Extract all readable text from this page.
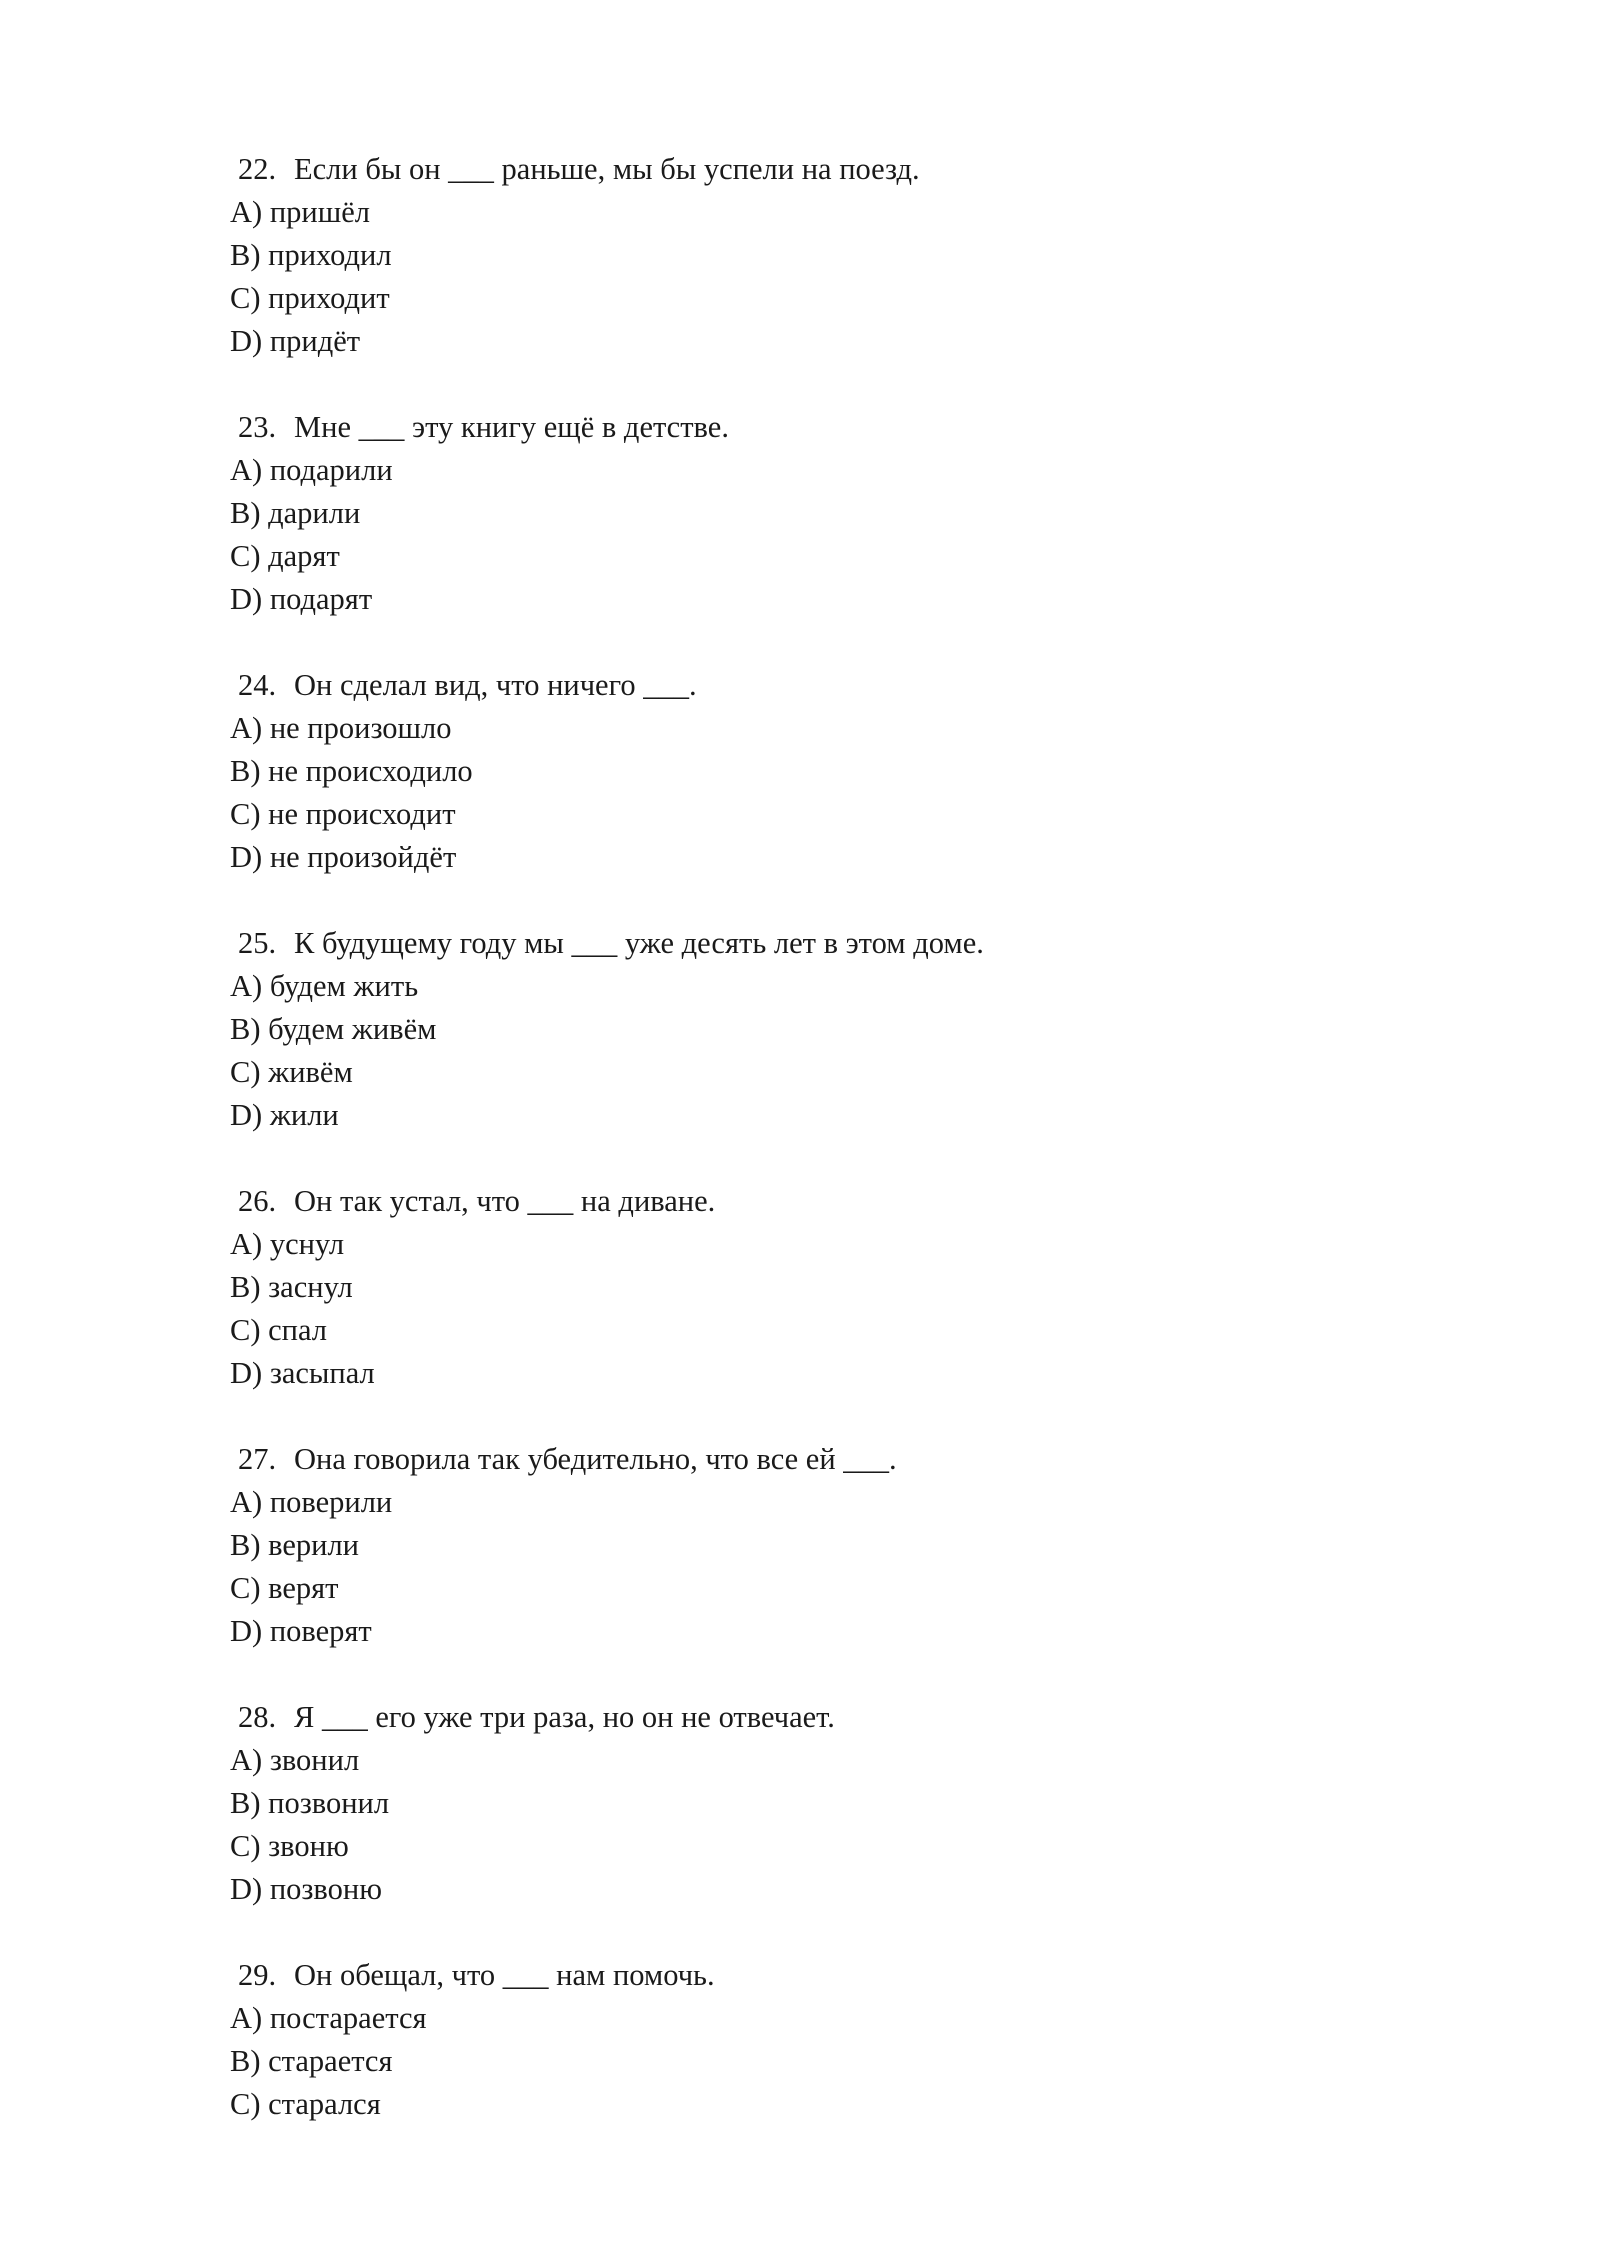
22. Если бы он ___ раньше, мы бы успели на поезд.
A) пришёл
B) приходил
C) приходит
D) придёт
23. Мне ___ эту книгу ещё в детстве.
A) подарили
B) дарили
C) дарят
D) подарят
24. Он сделал вид, что ничего ___.
A) не произошло
B) не происходило
C) не происходит
D) не произойдёт
25. К будущему году мы ___ уже десять лет в этом доме.
A) будем жить
B) будем живём
C) живём
D) жили
26. Он так устал, что ___ на диване.
A) уснул
B) заснул
C) спал
D) засыпал
27. Она говорила так убедительно, что все ей ___.
A) поверили
B) верили
C) верят
D) поверят
28. Я ___ его уже три раза, но он не отвечает.
A) звонил
B) позвонил
C) звоню
D) позвоню
29. Он обещал, что ___ нам помочь.
A) постарается
B) старается
C) старался
